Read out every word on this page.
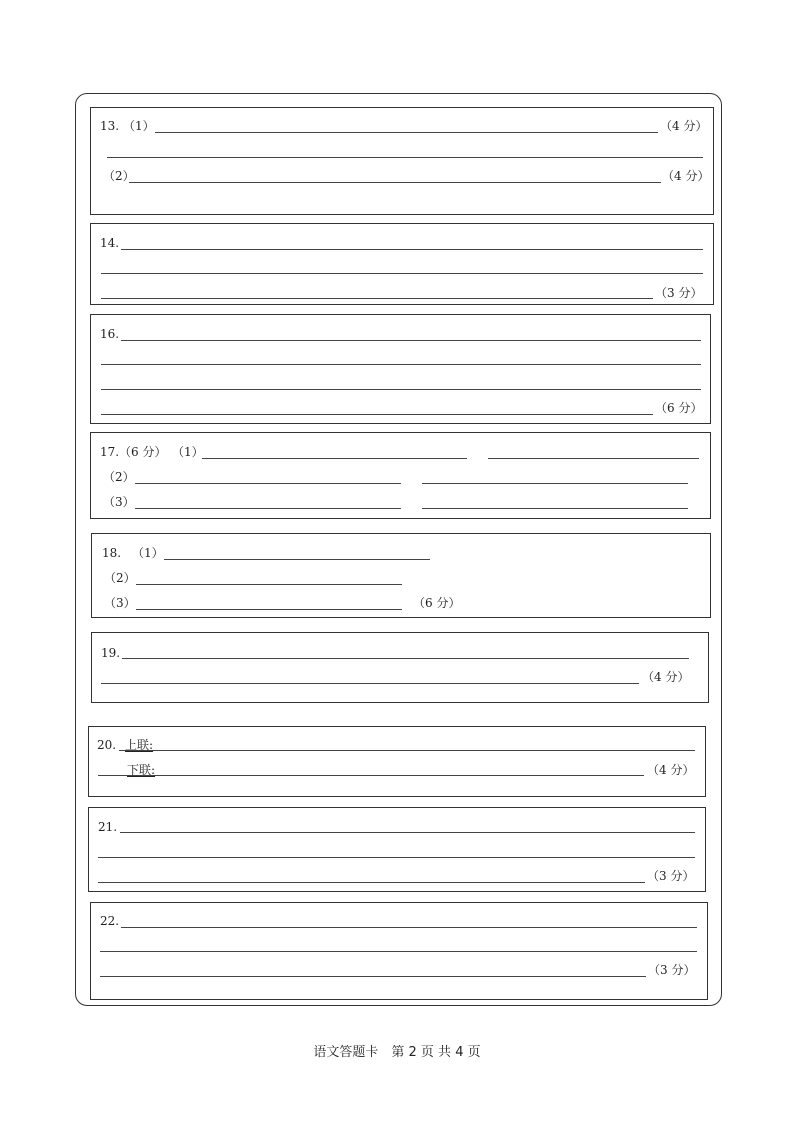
13. （1）	（4 分）
（2）	（4 分）
14.
（3 分）
16.
（6 分）
17. （6 分） （1）
（2）
（3）
18. （1）
（2）
（3）	（6 分）
19.
（4 分）
20. 上联:
下联:	（4 分）
21.
（3 分）
22.
（3 分）
语文答题卡　第 2 页 共 4 页
